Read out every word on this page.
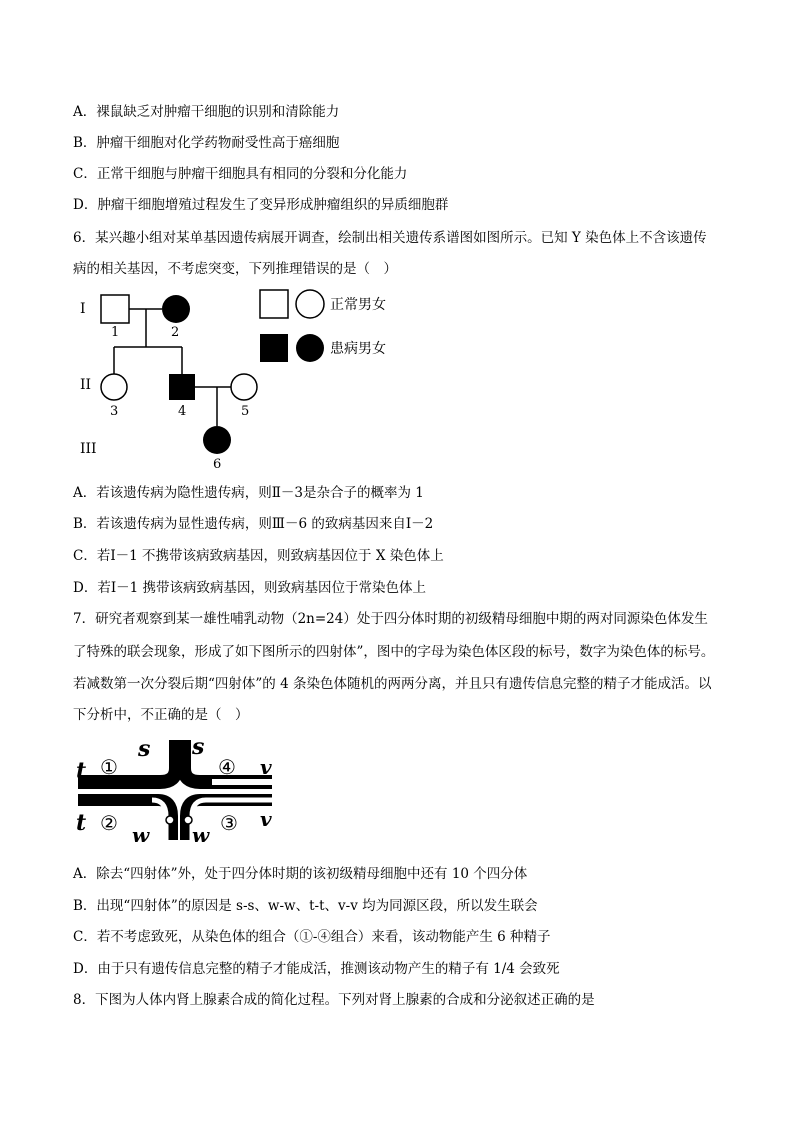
A．裸鼠缺乏对肿瘤干细胞的识别和清除能力
B．肿瘤干细胞对化学药物耐受性高于癌细胞
C．正常干细胞与肿瘤干细胞具有相同的分裂和分化能力
D．肿瘤干细胞增殖过程发生了变异形成肿瘤组织的异质细胞群
6．某兴趣小组对某单基因遗传病展开调查，绘制出相关遗传系谱图如图所示。已知 Y 染色体上不含该遗传
病的相关基因，不考虑突变，下列推理错误的是（　）
I
II
III
1	2
3	4	5
6
正常男女
患病男女
A．若该遗传病为隐性遗传病，则Ⅱ－3是杂合子的概率为 1
B．若该遗传病为显性遗传病，则Ⅲ－6 的致病基因来自Ⅰ－2
C．若Ⅰ－1 不携带该病致病基因，则致病基因位于 X 染色体上
D．若Ⅰ－1 携带该病致病基因，则致病基因位于常染色体上
7．研究者观察到某一雄性哺乳动物（2n=24）处于四分体时期的初级精母细胞中期的两对同源染色体发生
了特殊的联会现象，形成了如下图所示的四射体”，图中的字母为染色体区段的标号，数字为染色体的标号。
若减数第一次分裂后期“四射体”的 4 条染色体随机的两两分离，并且只有遗传信息完整的精子才能成活。以
下分析中，不正确的是（　）
t
t
s s
v
v
w w
①
②	③
④
A．除去“四射体”外，处于四分体时期的该初级精母细胞中还有 10 个四分体
B．出现“四射体”的原因是 s-s、w-w、t-t、v-v 均为同源区段，所以发生联会
C．若不考虑致死，从染色体的组合（①-④组合）来看，该动物能产生 6 种精子
D．由于只有遗传信息完整的精子才能成活，推测该动物产生的精子有 1/4 会致死
8．下图为人体内肾上腺素合成的简化过程。下列对肾上腺素的合成和分泌叙述正确的是
